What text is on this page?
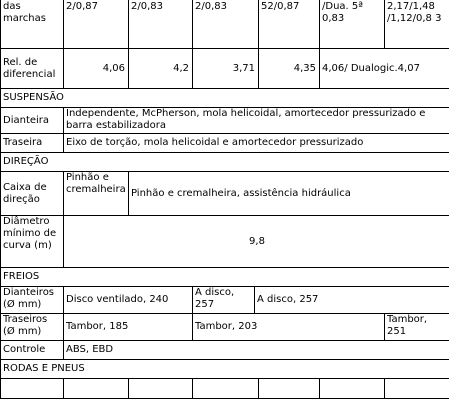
das marchas	2/0,87	2/0,83	2/0,83		52/0,87	/Dua. 5ª 0,83	2,17/1,48 /1,12/0,8 3
Rel. de diferencial	4,06	4,2	3,71		4,35	4,06/ Dualogic.4,07	
SUSPENSÃO							
Dianteira	Independente, McPherson, mola helicoidal, amortecedor pressurizado e barra estabilizadora						
Traseira	Eixo de torção, mola helicoidal e amortecedor pressurizado						
DIREÇÃO							
Caixa de direção	Pinhão e cremalheira	Pinhão e cremalheira, assistência hidráulica					
Diâmetro mínimo de curva (m)	9,8						
FREIOS							
Dianteiros (Ø mm)	Disco ventilado, 240		A disco, 257	A disco, 257			
Traseiros (Ø mm)	Tambor, 185		Tambor, 203				Tambor, 251
Controle	ABS, EBD						
RODAS E PNEUS							
